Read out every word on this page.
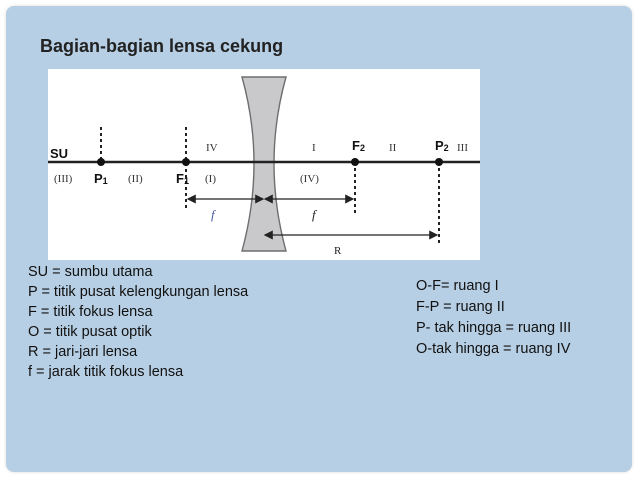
Bagian-bagian lensa cekung
SU
P1	F1
F2	P2
IV	I	II	III
(III)	(II)	(I)	(IV)
f	f
R
SU = sumbu utama
P = titik pusat kelengkungan lensa
F = titik fokus lensa
O = titik pusat optik
R = jari-jari lensa
f = jarak titik fokus lensa
O-F= ruang I
F-P = ruang II
P- tak hingga = ruang III
O-tak hingga = ruang IV
